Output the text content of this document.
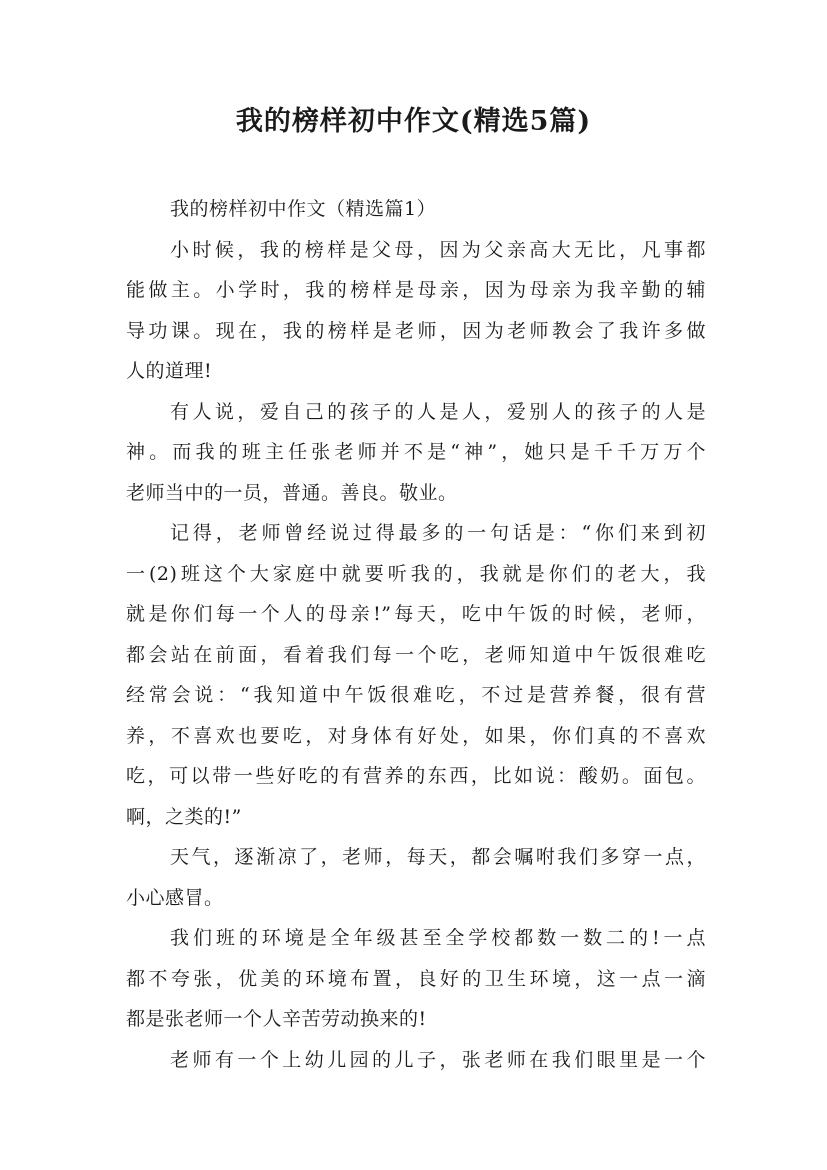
我的榜样初中作文(精选5篇)
我的榜样初中作文（精选篇1）
小时候，我的榜样是父母，因为父亲高大无比，凡事都
能做主。小学时，我的榜样是母亲，因为母亲为我辛勤的辅
导功课。现在，我的榜样是老师，因为老师教会了我许多做
人的道理!
有人说，爱自己的孩子的人是人，爱别人的孩子的人是
神。而我的班主任张老师并不是“神”，她只是千千万万个
老师当中的一员，普通。善良。敬业。
记得，老师曾经说过得最多的一句话是：“你们来到初
一(2)班这个大家庭中就要听我的，我就是你们的老大，我
就是你们每一个人的母亲!”每天，吃中午饭的时候，老师，
都会站在前面，看着我们每一个吃，老师知道中午饭很难吃
经常会说：“我知道中午饭很难吃，不过是营养餐，很有营
养，不喜欢也要吃，对身体有好处，如果，你们真的不喜欢
吃，可以带一些好吃的有营养的东西，比如说：酸奶。面包。
啊，之类的!”
天气，逐渐凉了，老师，每天，都会嘱咐我们多穿一点，
小心感冒。
我们班的环境是全年级甚至全学校都数一数二的!一点
都不夸张，优美的环境布置，良好的卫生环境，这一点一滴
都是张老师一个人辛苦劳动换来的!
老师有一个上幼儿园的儿子，张老师在我们眼里是一个
